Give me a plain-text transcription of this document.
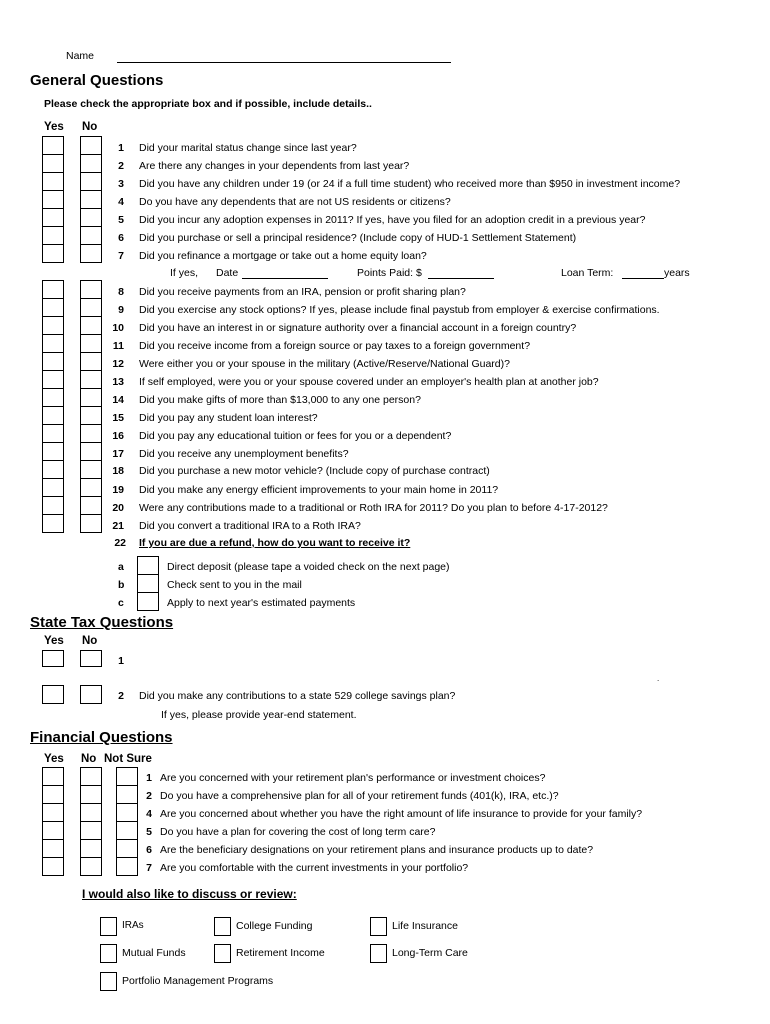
Name
General Questions
Please check the appropriate box and if possible, include details..
Yes No
1 Did your marital status change since last year?
2 Are there any changes in your dependents from last year?
3 Did you have any children under 19 (or 24 if a full time student) who received more than $950 in investment income?
4 Do you have any dependents that are not US residents or citizens?
5 Did you incur any adoption expenses in 2011? If yes, have you filed for an adoption credit in a previous year?
6 Did you purchase or sell a principal residence? (Include copy of HUD-1 Settlement Statement)
7 Did you refinance a mortgage or take out a home equity loan?
8 Did you receive payments from an IRA, pension or profit sharing plan?
9 Did you exercise any stock options? If yes, please include final paystub from employer & exercise confirmations.
10 Did you have an interest in or signature authority over a financial account in a foreign country?
11 Did you receive income from a foreign source or pay taxes to a foreign government?
12 Were either you or your spouse in the military (Active/Reserve/National Guard)?
13 If self employed, were you or your spouse covered under an employer's health plan at another job?
14 Did you make gifts of more than $13,000 to any one person?
15 Did you pay any student loan interest?
16 Did you pay any educational tuition or fees for you or a dependent?
17 Did you receive any unemployment benefits?
18 Did you purchase a new motor vehicle? (Include copy of purchase contract)
19 Did you make any energy efficient improvements to your main home in 2011?
20 Were any contributions made to a traditional or Roth IRA for 2011? Do you plan to before 4-17-2012?
21 Did you convert a traditional IRA to a Roth IRA?
If yes, Date	Points Paid: $	Loan Term:	years
22 If you are due a refund, how do you want to receive it?
a	Direct deposit (please tape a voided check on the next page)
b	Check sent to you in the mail
c	Apply to next year's estimated payments
State Tax Questions
Yes No
1
.
2 Did you make any contributions to a state 529 college savings plan?
If yes, please provide year-end statement.
Financial Questions
Yes No Not Sure
1 Are you concerned with your retirement plan's performance or investment choices?
2 Do you have a comprehensive plan for all of your retirement funds (401(k), IRA, etc.)?
4 Are you concerned about whether you have the right amount of life insurance to provide for your family?
5 Do you have a plan for covering the cost of long term care?
6 Are the beneficiary designations on your retirement plans and insurance products up to date?
7 Are you comfortable with the current investments in your portfolio?
I would also like to discuss or review:
IRAs	College Funding	Life Insurance
Mutual Funds	Retirement Income	Long-Term Care
Portfolio Management Programs
